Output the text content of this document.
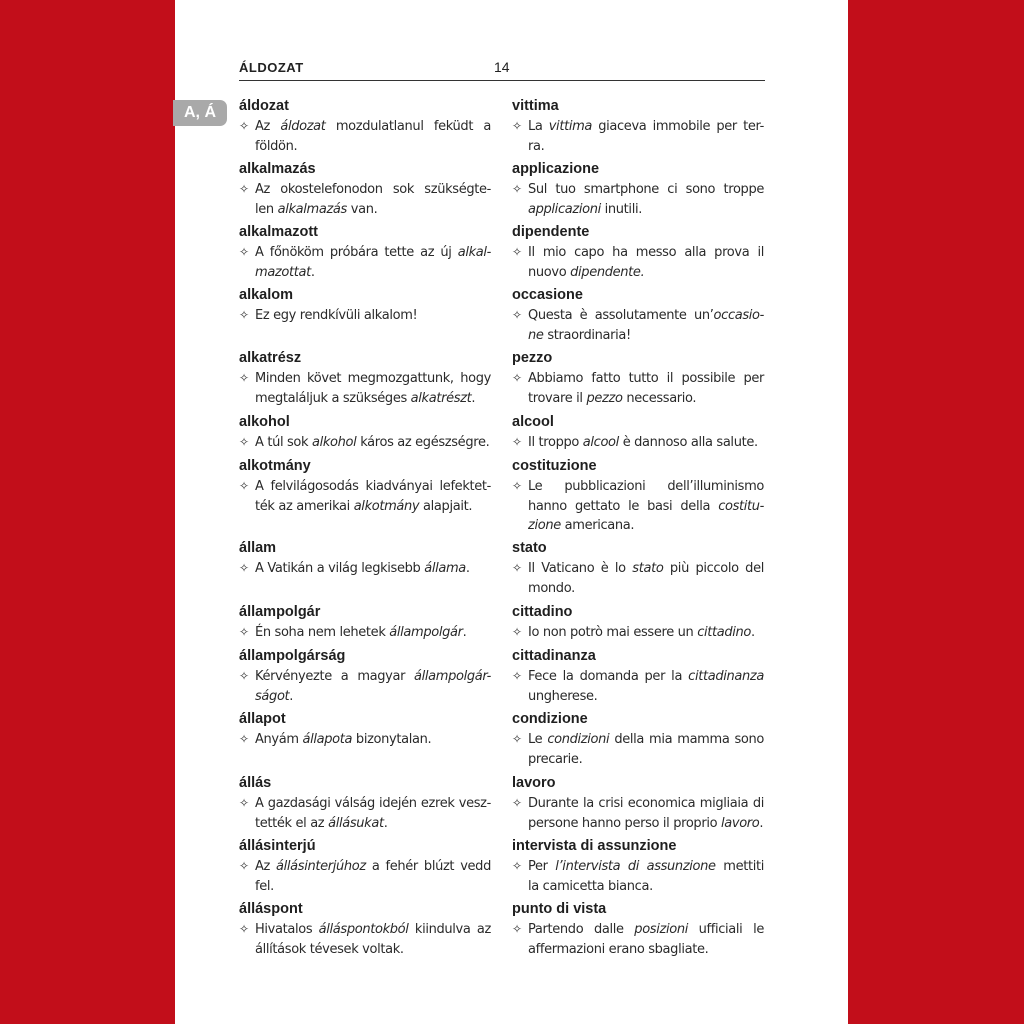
ÁLDOZAT	14
A, Á	áldozat
✧ Az áldozat mozdulatlanul feküdt a
földön.
alkalmazás
✧ Az okostelefonodon sok szükségte-
len alkalmazás van.
alkalmazott
✧ A főnököm próbára tette az új alkal-
mazottat.
alkalom
✧ Ez egy rendkívüli alkalom!
alkatrész
✧ Minden követ megmozgattunk, hogy
megtaláljuk a szükséges alkatrészt.
alkohol
✧ A túl sok alkohol káros az egészségre.
alkotmány
✧ A felvilágosodás kiadványai lefektet-
ték az amerikai alkotmány alapjait.
állam
✧ A Vatikán a világ legkisebb államа.
állampolgár
✧ Én soha nem lehetek állampolgár.
állampolgárság
✧ Kérvényezte a magyar állampolgár-
ságot.
állapot
✧ Anyám állapota bizonytalan.
állás
✧ A gazdasági válság idején ezrek vesz-
tették el az állásukat.
állásinterjú
✧ Az állásinterjúhoz a fehér blúzt vedd
fel.
álláspont
✧ Hivatalos álláspontokból kiindulva az
állítások tévesek voltak.
vittima
✧ La vittima giaceva immobile per ter-
ra.
applicazione
✧ Sul tuo smartphone ci sono troppe
applicazioni inutili.
dipendente
✧ Il mio capo ha messo alla prova il
nuovo dipendente.
occasione
✧ Questa è assolutamente un’occasio-
ne straordinaria!
pezzo
✧ Abbiamo fatto tutto il possibile per
trovare il pezzo necessario.
alcool
✧ Il troppo alcool è dannoso alla salute.
costituzione
✧ Le pubblicazioni dell’illuminismo
hanno gettato le basi della costitu-
zione americana.
stato
✧ Il Vaticano è lo stato più piccolo del
mondo.
cittadino
✧ Io non potrò mai essere un cittadino.
cittadinanza
✧ Fece la domanda per la cittadinanza
ungherese.
condizione
✧ Le condizioni della mia mamma sono
precarie.
lavoro
✧ Durante la crisi economica migliaia di
persone hanno perso il proprio lavoro.
intervista di assunzione
✧ Per l’intervista di assunzione mettiti
la camicetta bianca.
punto di vista
✧ Partendo dalle posizioni ufficiali le
affermazioni erano sbagliate.
